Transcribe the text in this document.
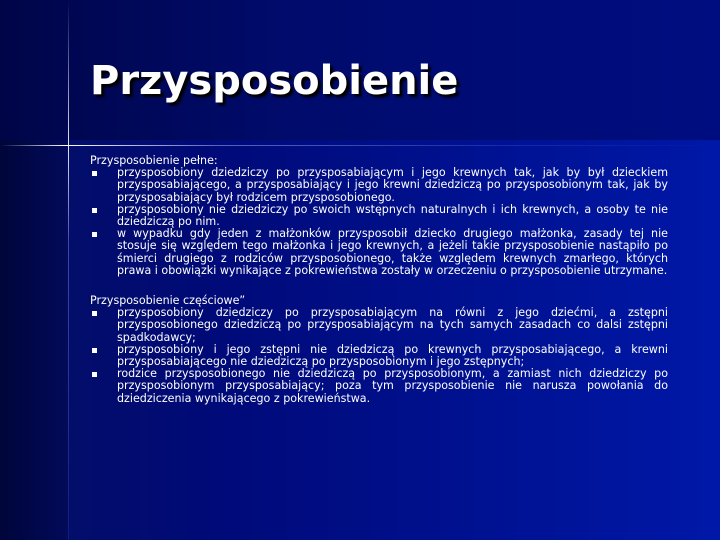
Przysposobienie

Przysposobienie pełne:

przysposobiony dziedziczy po przysposabiającym i jego krewnych tak, jak by był dzieckiem przysposabiającego, a przysposabiający i jego krewni dziedziczą po przysposobionym tak, jak by przysposabiający był rodzicem przysposobionego.
przysposobiony nie dziedziczy po swoich wstępnych naturalnych i ich krewnych, a osoby te nie dziedziczą po nim.
w wypadku gdy jeden z małżonków przysposobił dziecko drugiego małżonka, zasady tej nie stosuje się względem tego małżonka i jego krewnych, a jeżeli takie przysposobienie nastąpiło po śmierci drugiego z rodziców przysposobionego, także względem krewnych zmarłego, których prawa i obowiązki wynikające z pokrewieństwa zostały w orzeczeniu o przysposobienie utrzymane.

Przysposobienie częściowe”

przysposobiony dziedziczy po przysposabiającym na równi z jego dziećmi, a zstępni przysposobionego dziedziczą po przysposabiającym na tych samych zasadach co dalsi zstępni spadkodawcy;
przysposobiony i jego zstępni nie dziedziczą po krewnych przysposabiającego, a krewni przysposabiającego nie dziedziczą po przysposobionym i jego zstępnych;
rodzice przysposobionego nie dziedziczą po przysposobionym, a zamiast nich dziedziczy po przysposobionym przysposabiający; poza tym przysposobienie nie narusza powołania do dziedziczenia wynikającego z pokrewieństwa.
